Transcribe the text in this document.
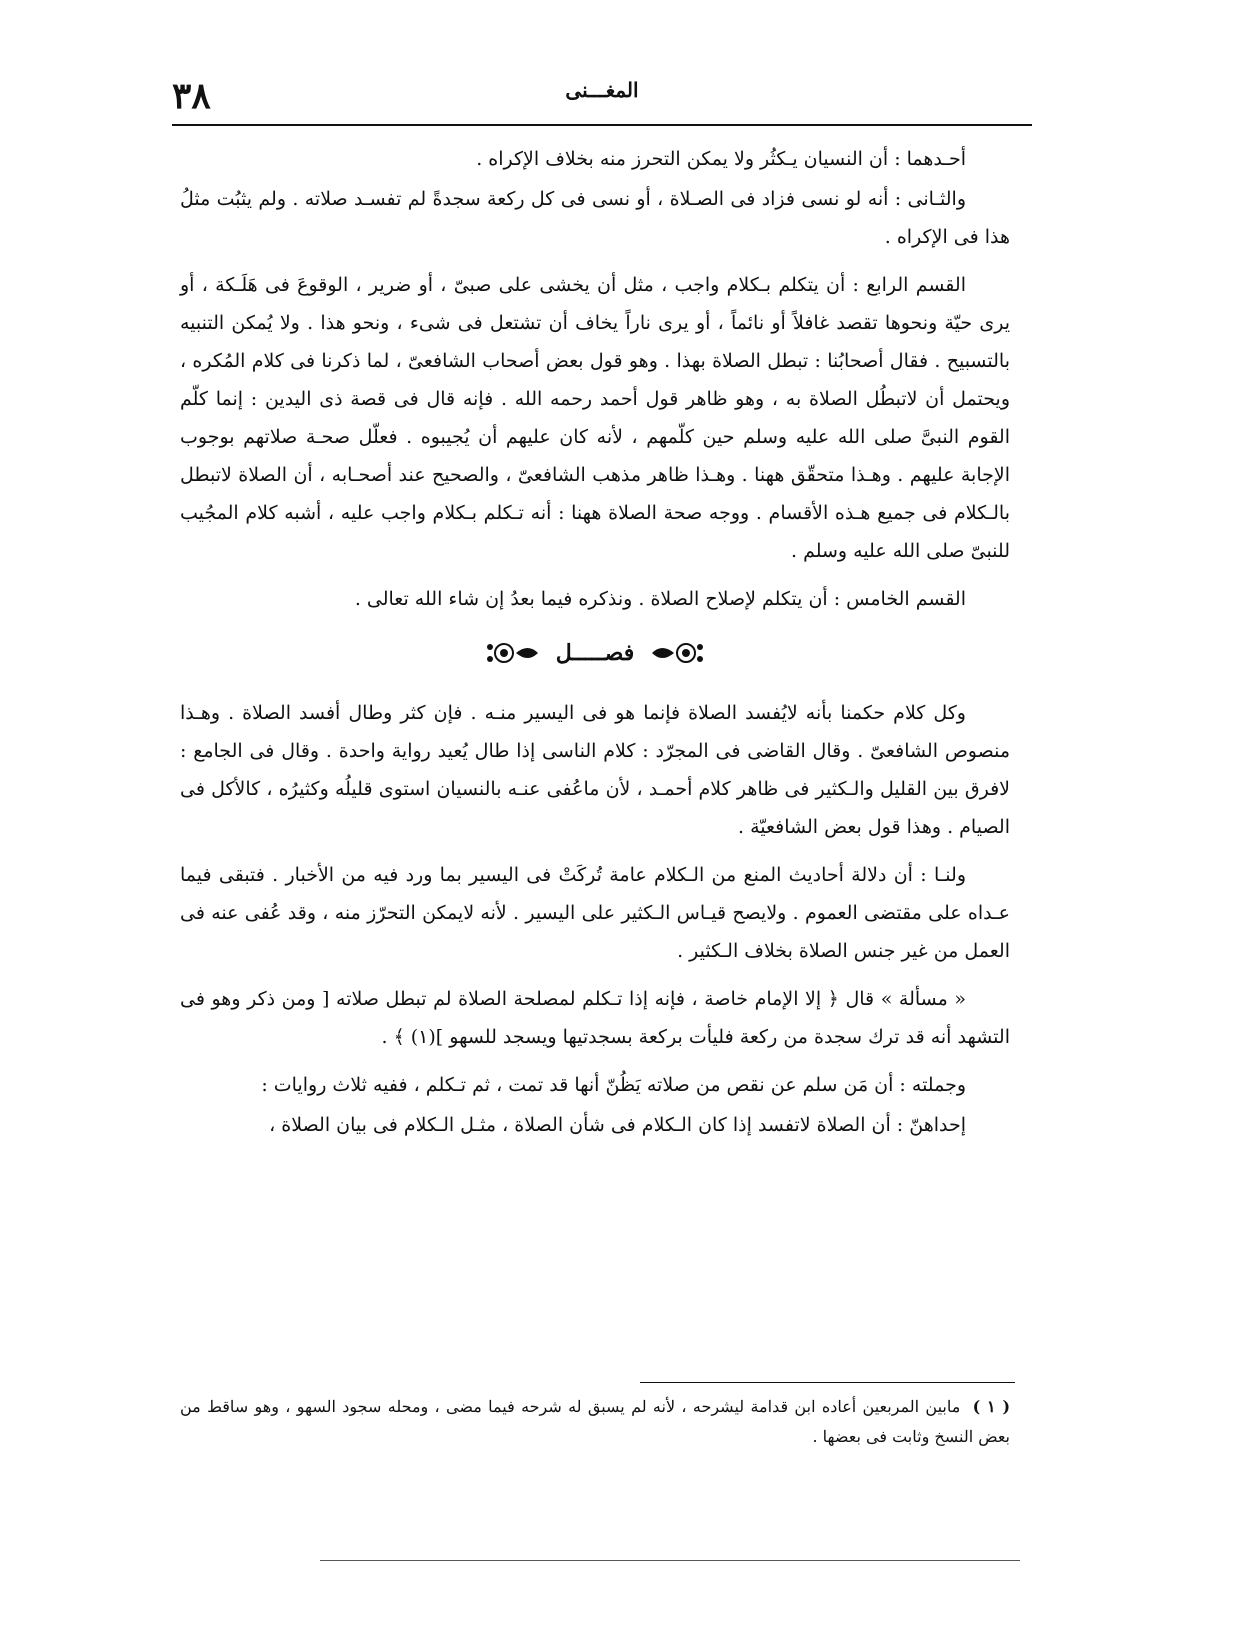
٣٨	المغـــنى

أحـدهما : أن النسيان يـكثُر ولا يمكن التحرز منه بخلاف الإكراه .

والثـانى : أنه لو نسى فزاد فى الصـلاة ، أو نسى فى كل ركعة سجدةً لم تفسـد صلاته . ولم يثبُت مثلُ هذا فى الإكراه .

القسم الرابع : أن يتكلم بـكلام واجب ، مثل أن يخشى على صبىّ ، أو ضرير ، الوقوعَ فى هَلَـكة ، أو يرى حيّة ونحوها تقصد غافلاً أو نائماً ، أو يرى ناراً يخاف أن تشتعل فى شىء ، ونحو هذا . ولا يُمكن التنبيه بالتسبيح . فقال أصحابُنا : تبطل الصلاة بهذا . وهو قول بعض أصحاب الشافعىّ ، لما ذكرنا فى كلام المُكره ، ويحتمل أن لاتبطُل الصلاة به ، وهو ظاهر قول أحمد رحمه الله . فإنه قال فى قصة ذى اليدين : إنما كلّم القوم النبىَّ صلى الله عليه وسلم حين كلّمهم ، لأنه كان عليهم أن يُجيبوه . فعلّل صحـة صلاتهم بوجوب الإجابة عليهم . وهـذا متحقّق ههنا . وهـذا ظاهر مذهب الشافعىّ ، والصحيح عند أصحـابه ، أن الصلاة لاتبطل بالـكلام فى جميع هـذه الأقسام . ووجه صحة الصلاة ههنا : أنه تـكلم بـكلام واجب عليه ، أشبه كلام المجُيب للنبىّ صلى الله عليه وسلم .

القسم الخامس : أن يتكلم لإصلاح الصلاة . ونذكره فيما بعدُ إن شاء الله تعالى .

فصـــــل

وكل كلام حكمنا بأنه لايُفسد الصلاة فإنما هو فى اليسير منـه . فإن كثر وطال أفسد الصلاة . وهـذا منصوص الشافعىّ . وقال القاضى فى المجرّد : كلام الناسى إذا طال يُعيد رواية واحدة . وقال فى الجامع : لافرق بين القليل والـكثير فى ظاهر كلام أحمـد ، لأن ماعُفى عنـه بالنسيان استوى قليلُه وكثيرُه ، كالأكل فى الصيام . وهذا قول بعض الشافعيّة .

ولنـا : أن دلالة أحاديث المنع من الـكلام عامة تُركَتْ فى اليسير بما ورد فيه من الأخبار . فتبقى فيما عـداه على مقتضى العموم . ولايصح قيـاس الـكثير على اليسير . لأنه لايمكن التحرّز منه ، وقد عُفى عنه فى العمل من غير جنس الصلاة بخلاف الـكثير .

« مسألة » قال ﴿ إلا الإمام خاصة ، فإنه إذا تـكلم لمصلحة الصلاة لم تبطل صلاته [ ومن ذكر وهو فى التشهد أنه قد ترك سجدة من ركعة فليأت بركعة بسجدتيها ويسجد للسهو ](١) ﴾ .

وجملته : أن مَن سلم عن نقص من صلاته يَظُنّ أنها قد تمت ، ثم تـكلم ، ففيه ثلاث روايات :

إحداهنّ : أن الصلاة لاتفسد إذا كان الـكلام فى شأن الصلاة ، مثـل الـكلام فى بيان الصلاة ،

( ١ ) مابين المربعين أعاده ابن قدامة ليشرحه ، لأنه لم يسبق له شرحه فيما مضى ، ومحله سجود السهو ، وهو ساقط من بعض النسخ وثابت فى بعضها .
